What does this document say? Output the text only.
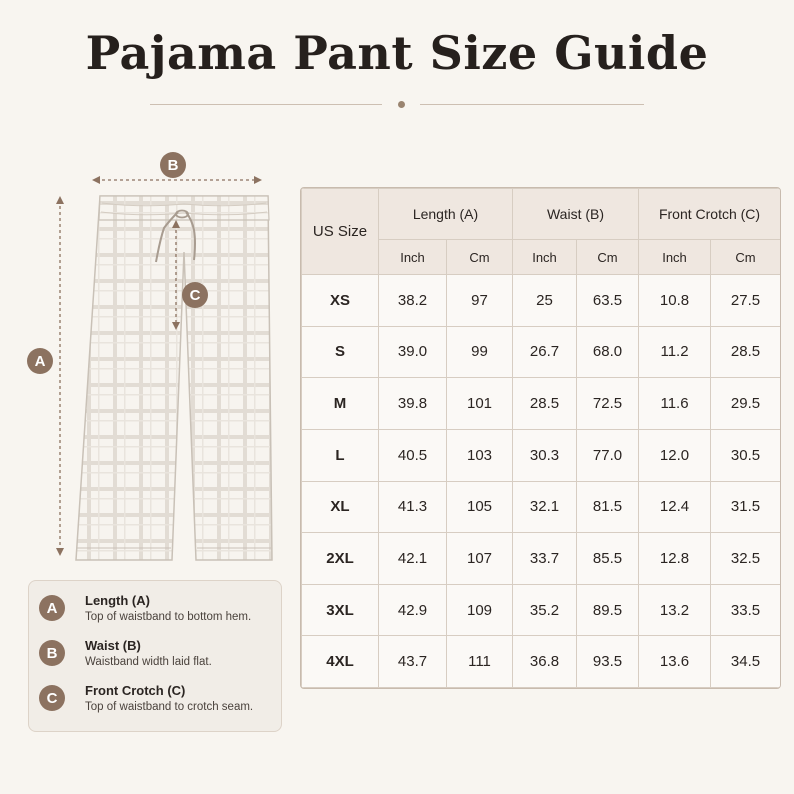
Pajama Pant Size Guide
B
C
A
A	Length (A)
Top of waistband to bottom hem.
B	Waist (B)
Waistband width laid flat.
C	Front Crotch (C)
Top of waistband to crotch seam.
US Size	Length (A)		Waist (B)		Front Crotch (C)	
	Inch	Cm	Inch	Cm	Inch	Cm
XS	38.2	97	25	63.5	10.8	27.5
S	39.0	99	26.7	68.0	11.2	28.5
M	39.8	101	28.5	72.5	11.6	29.5
L	40.5	103	30.3	77.0	12.0	30.5
XL	41.3	105	32.1	81.5	12.4	31.5
2XL	42.1	107	33.7	85.5	12.8	32.5
3XL	42.9	109	35.2	89.5	13.2	33.5
4XL	43.7	111	36.8	93.5	13.6	34.5
